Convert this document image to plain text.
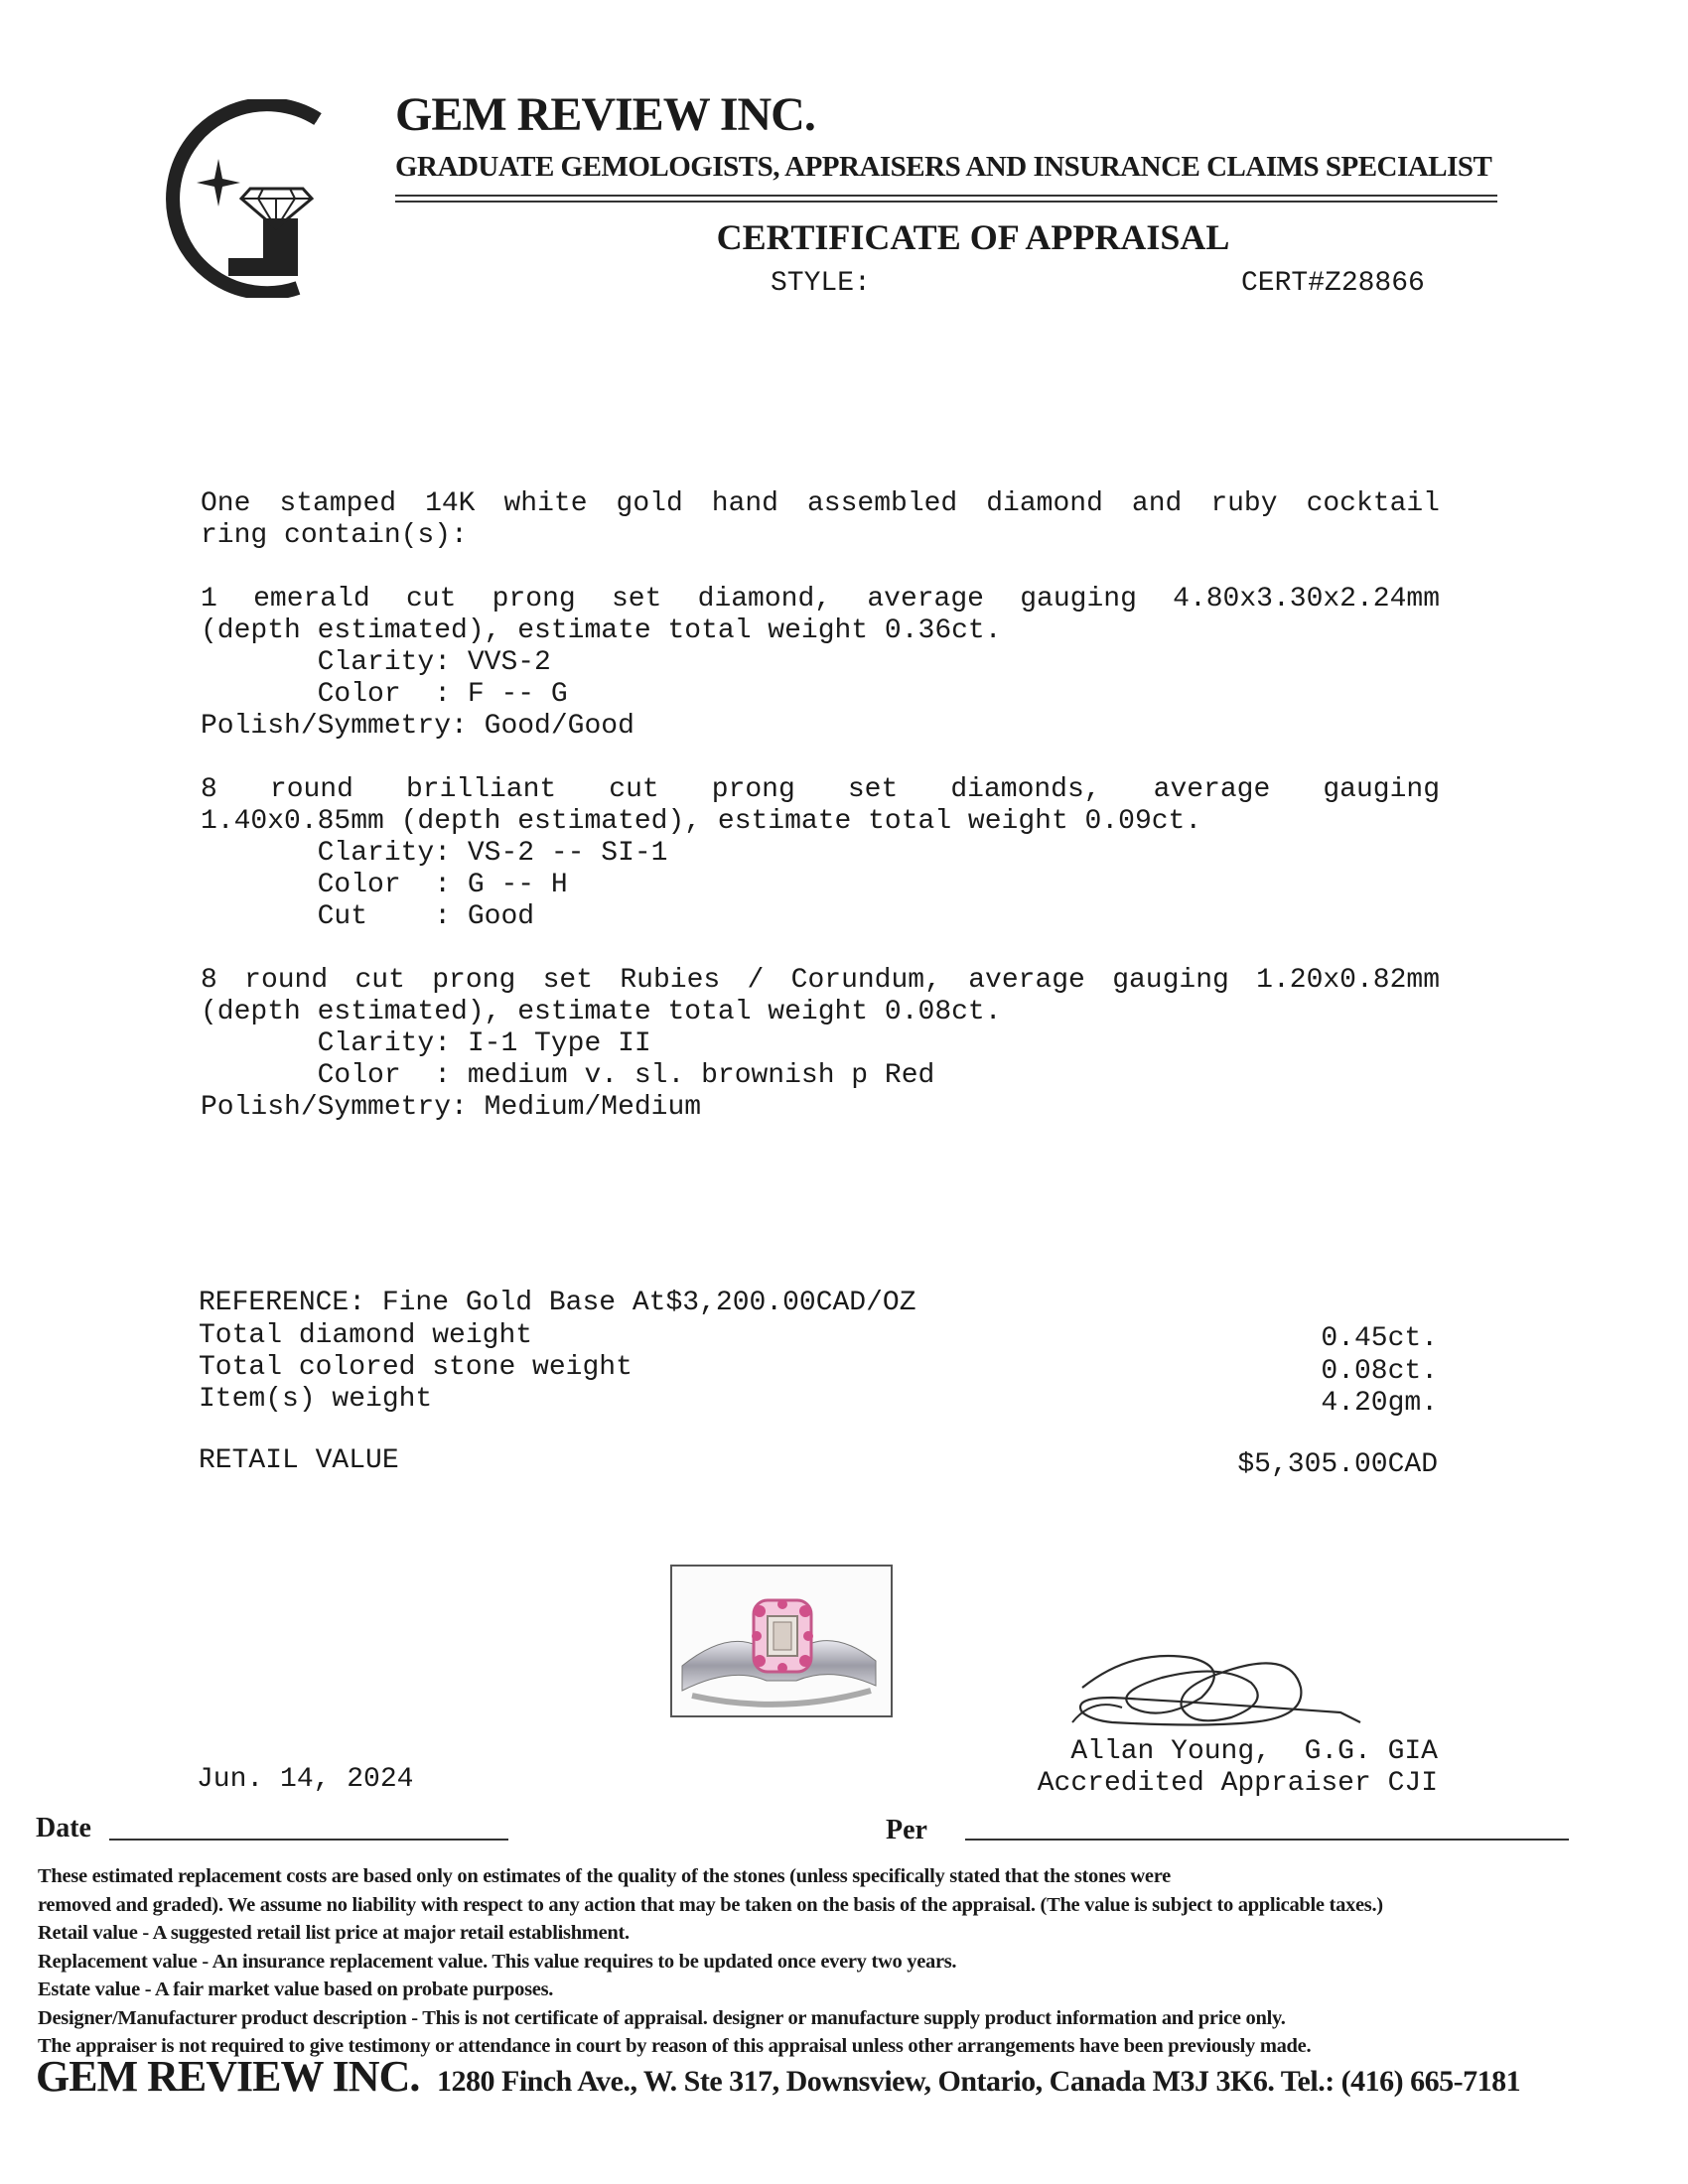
GEM REVIEW INC.
GRADUATE GEMOLOGISTS, APPRAISERS AND INSURANCE CLAIMS SPECIALIST
CERTIFICATE OF APPRAISAL
STYLE:	CERT#Z28866
One stamped 14K white gold hand assembled diamond and ruby cocktail
ring contain(s):
1 emerald cut prong set diamond, average gauging 4.80x3.30x2.24mm
(depth estimated), estimate total weight 0.36ct.
Clarity: VVS-2
Color  : F -- G
Polish/Symmetry: Good/Good
8 round brilliant cut prong set diamonds, average gauging
1.40x0.85mm (depth estimated), estimate total weight 0.09ct.
Clarity: VS-2 -- SI-1
Color  : G -- H
Cut    : Good
8 round cut prong set Rubies / Corundum, average gauging 1.20x0.82mm
(depth estimated), estimate total weight 0.08ct.
Clarity: I-1 Type II
Color  : medium v. sl. brownish p Red
Polish/Symmetry: Medium/Medium
REFERENCE: Fine Gold Base At$3,200.00CAD/OZ
Total diamond weight	0.45ct.
Total colored stone weight	0.08ct.
Item(s) weight	4.20gm.
RETAIL VALUE	$5,305.00CAD
Jun. 14, 2024
Allan Young,  G.G. GIA
Accredited Appraiser CJI
Date	Per
These estimated replacement costs are based only on estimates of the quality of the stones (unless specifically stated that the stones were
removed and graded). We assume no liability with respect to any action that may be taken on the basis of the appraisal. (The value is subject to applicable taxes.)
Retail value - A suggested retail list price at major retail establishment.
Replacement value - An insurance replacement value. This value requires to be updated once every two years.
Estate value - A fair market value based on probate purposes.
Designer/Manufacturer product description - This is not certificate of appraisal. designer or manufacture supply product information and price only.
The appraiser is not required to give testimony or attendance in court by reason of this appraisal unless other arrangements have been previously made.
GEM REVIEW INC. 1280 Finch Ave., W. Ste 317, Downsview, Ontario, Canada M3J 3K6. Tel.: (416) 665-7181
